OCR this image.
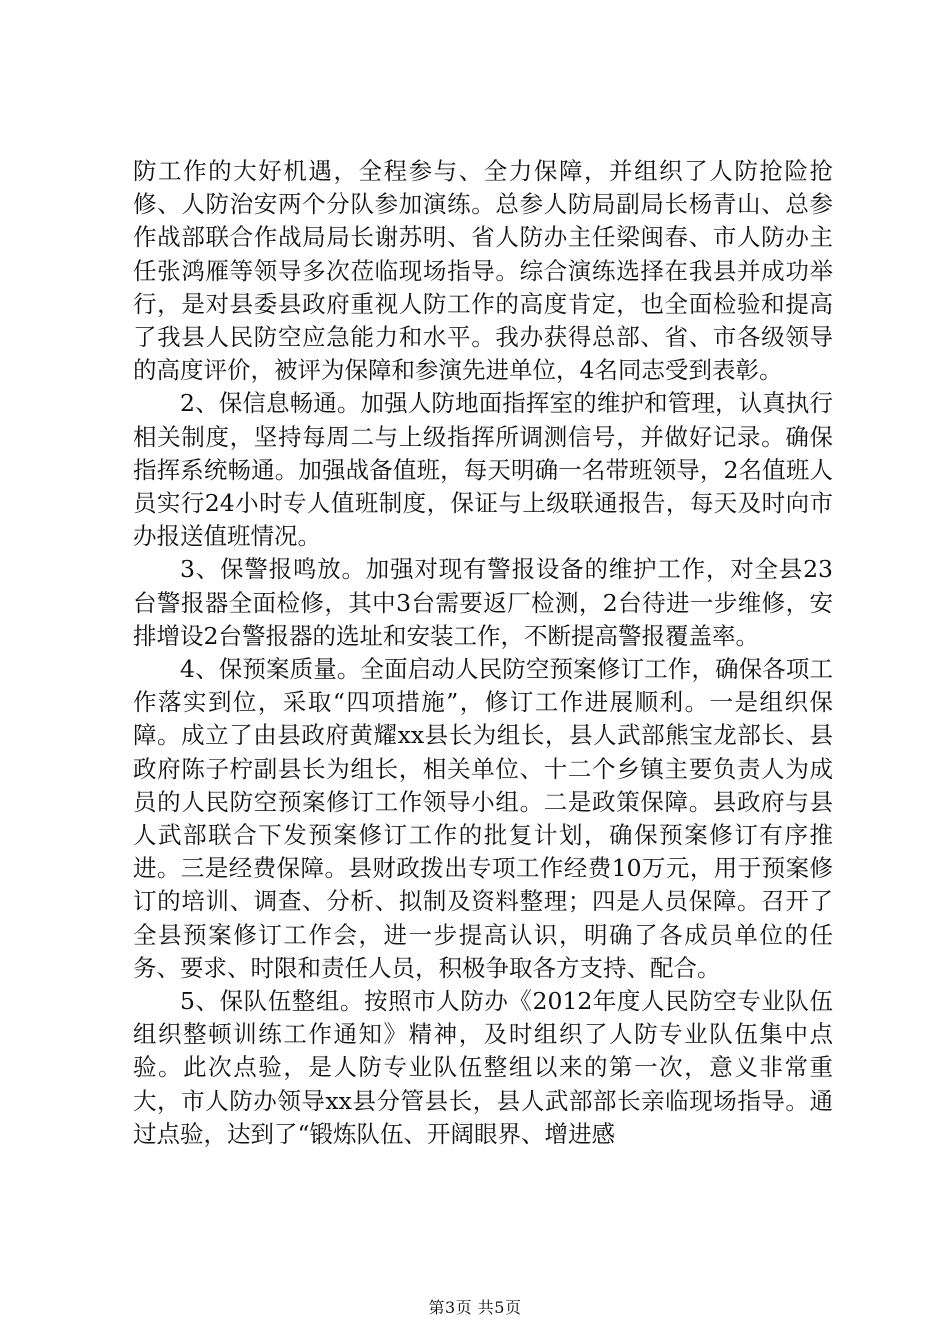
防工作的大好机遇，全程参与、全力保障，并组织了人防抢险抢修、人防治安两个分队参加演练。总参人防局副局长杨青山、总参作战部联合作战局局长谢苏明、省人防办主任梁闽春、市人防办主任张鸿雁等领导多次莅临现场指导。综合演练选择在我县并成功举行，是对县委县政府重视人防工作的高度肯定，也全面检验和提高了我县人民防空应急能力和水平。我办获得总部、省、市各级领导的高度评价，被评为保障和参演先进单位，4名同志受到表彰。

2、保信息畅通。加强人防地面指挥室的维护和管理，认真执行相关制度，坚持每周二与上级指挥所调测信号，并做好记录。确保指挥系统畅通。加强战备值班，每天明确一名带班领导，2名值班人员实行24小时专人值班制度，保证与上级联通报告，每天及时向市办报送值班情况。

3、保警报鸣放。加强对现有警报设备的维护工作，对全县23台警报器全面检修，其中3台需要返厂检测，2台待进一步维修，安排增设2台警报器的选址和安装工作，不断提高警报覆盖率。

4、保预案质量。全面启动人民防空预案修订工作，确保各项工作落实到位，采取“四项措施”，修订工作进展顺利。一是组织保障。成立了由县政府黄耀xx县长为组长，县人武部熊宝龙部长、县政府陈子柠副县长为组长，相关单位、十二个乡镇主要负责人为成员的人民防空预案修订工作领导小组。二是政策保障。县政府与县人武部联合下发预案修订工作的批复计划，确保预案修订有序推进。三是经费保障。县财政拨出专项工作经费10万元，用于预案修订的培训、调查、分析、拟制及资料整理；四是人员保障。召开了全县预案修订工作会，进一步提高认识，明确了各成员单位的任务、要求、时限和责任人员，积极争取各方支持、配合。

5、保队伍整组。按照市人防办《2012年度人民防空专业队伍组织整顿训练工作通知》精神，及时组织了人防专业队伍集中点验。此次点验，是人防专业队伍整组以来的第一次，意义非常重大，市人防办领导xx县分管县长，县人武部部长亲临现场指导。通过点验，达到了“锻炼队伍、开阔眼界、增进感

第3页 共5页
